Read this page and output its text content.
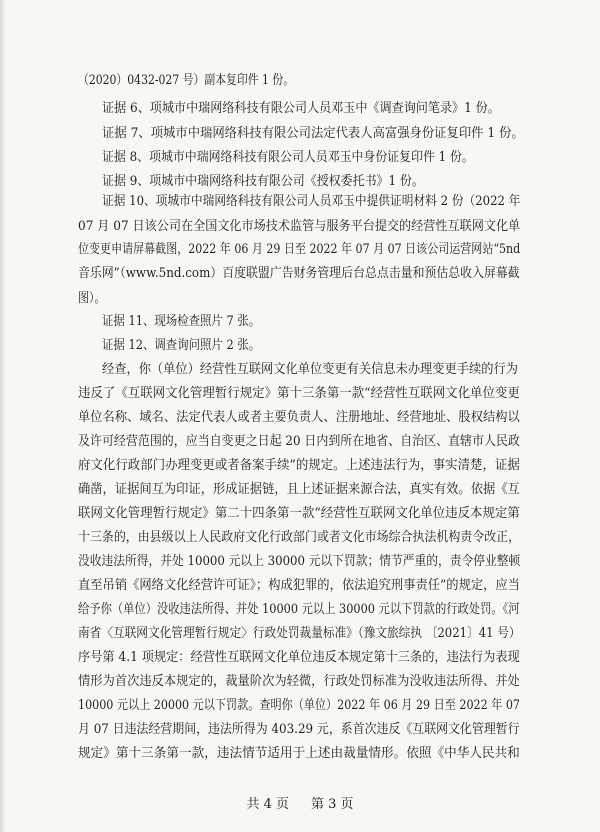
（2020）0432-027 号）副本复印件 1 份。
证据 6、项城市中瑞网络科技有限公司人员邓玉中《调查询问笔录》1 份。
证据 7、项城市中瑞网络科技有限公司法定代表人高富强身份证复印件 1 份。
证据 8、项城市中瑞网络科技有限公司人员邓玉中身份证复印件 1 份。
证据 9、项城市中瑞网络科技有限公司《授权委托书》1 份。
证据 10、项城市中瑞网络科技有限公司人员邓玉中提供证明材料 2 份（2022 年
07 月 07 日该公司在全国文化市场技术监管与服务平台提交的经营性互联网文化单
位变更申请屏幕截图，2022 年 06 月 29 日至 2022 年 07 月 07 日该公司运营网站“5nd
音乐网”（www.5nd.com）百度联盟广告财务管理后台总点击量和预估总收入屏幕截
图）。
证据 11、现场检查照片 7 张。
证据 12、调查询问照片 2 张。
经查，你（单位）经营性互联网文化单位变更有关信息未办理变更手续的行为
违反了《互联网文化管理暂行规定》第十三条第一款“经营性互联网文化单位变更
单位名称、域名、法定代表人或者主要负责人、注册地址、经营地址、股权结构以
及许可经营范围的，应当自变更之日起 20 日内到所在地省、自治区、直辖市人民政
府文化行政部门办理变更或者备案手续”的规定。上述违法行为，事实清楚，证据
确凿，证据间互为印证，形成证据链，且上述证据来源合法，真实有效。依据《互
联网文化管理暂行规定》第二十四条第一款“经营性互联网文化单位违反本规定第
十三条的，由县级以上人民政府文化行政部门或者文化市场综合执法机构责令改正，
没收违法所得，并处 10000 元以上 30000 元以下罚款；情节严重的，责令停业整顿
直至吊销《网络文化经营许可证》；构成犯罪的，依法追究刑事责任”的规定，应当
给予你（单位）没收违法所得、并处 10000 元以上 30000 元以下罚款的行政处罚。《河
南省〈互联网文化管理暂行规定〉行政处罚裁量标准》（豫文旅综执 〔2021〕41 号）
序号第 4.1 项规定：经营性互联网文化单位违反本规定第十三条的，违法行为表现
情形为首次违反本规定的，裁量阶次为轻微，行政处罚标准为没收违法所得、并处
10000 元以上 20000 元以下罚款。查明你（单位）2022 年 06 月 29 日至 2022 年 07
月 07 日违法经营期间，违法所得为 403.29 元，系首次违反《互联网文化管理暂行
规定》第十三条第一款，违法情节适用于上述由裁量情形。依照《中华人民共和
共 4 页 第 3 页
